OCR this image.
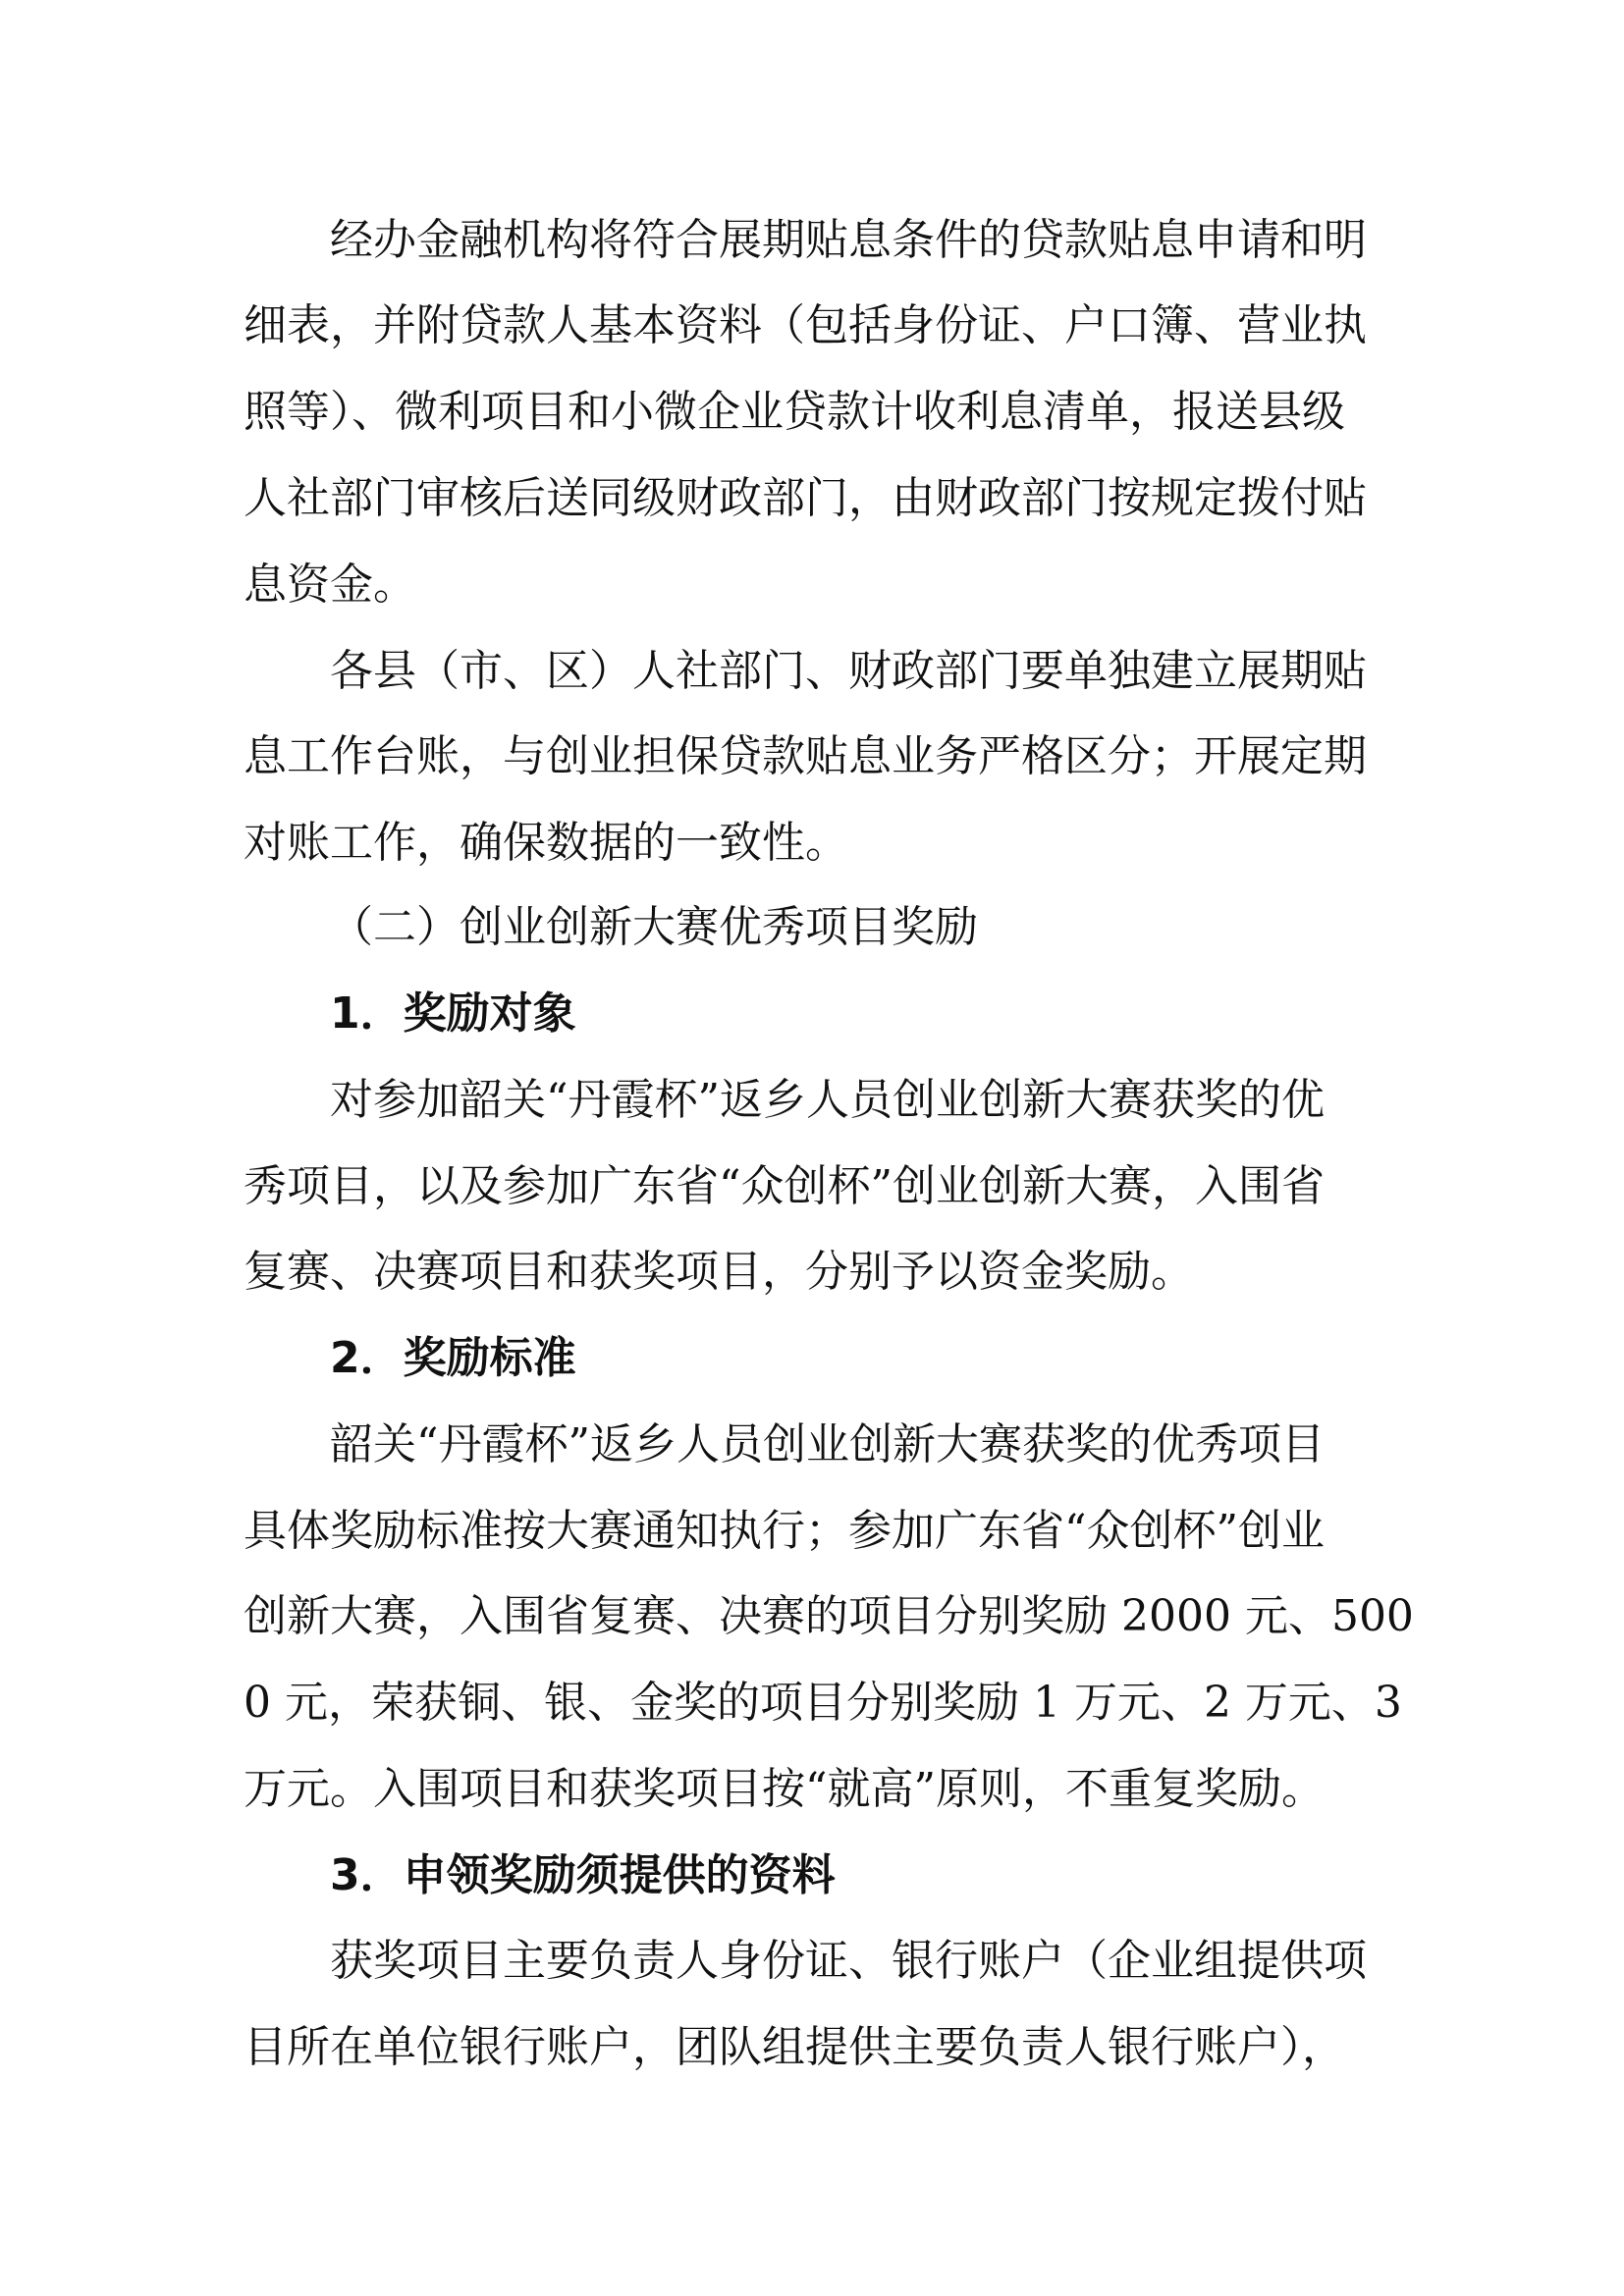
经办金融机构将符合展期贴息条件的贷款贴息申请和明
细表，并附贷款人基本资料（包括身份证、户口簿、营业执
照等）、微利项目和小微企业贷款计收利息清单，报送县级
人社部门审核后送同级财政部门，由财政部门按规定拨付贴
息资金。
各县（市、区）人社部门、财政部门要单独建立展期贴
息工作台账，与创业担保贷款贴息业务严格区分；开展定期
对账工作，确保数据的一致性。
（二）创业创新大赛优秀项目奖励
1．奖励对象
对参加韶关“丹霞杯”返乡人员创业创新大赛获奖的优
秀项目，以及参加广东省“众创杯”创业创新大赛，入围省
复赛、决赛项目和获奖项目，分别予以资金奖励。
2．奖励标准
韶关“丹霞杯”返乡人员创业创新大赛获奖的优秀项目
具体奖励标准按大赛通知执行；参加广东省“众创杯”创业
创新大赛，入围省复赛、决赛的项目分别奖励 2000 元、500
0 元，荣获铜、银、金奖的项目分别奖励 1 万元、2 万元、3
万元。入围项目和获奖项目按“就高”原则，不重复奖励。
3．申领奖励须提供的资料
获奖项目主要负责人身份证、银行账户（企业组提供项
目所在单位银行账户，团队组提供主要负责人银行账户），
